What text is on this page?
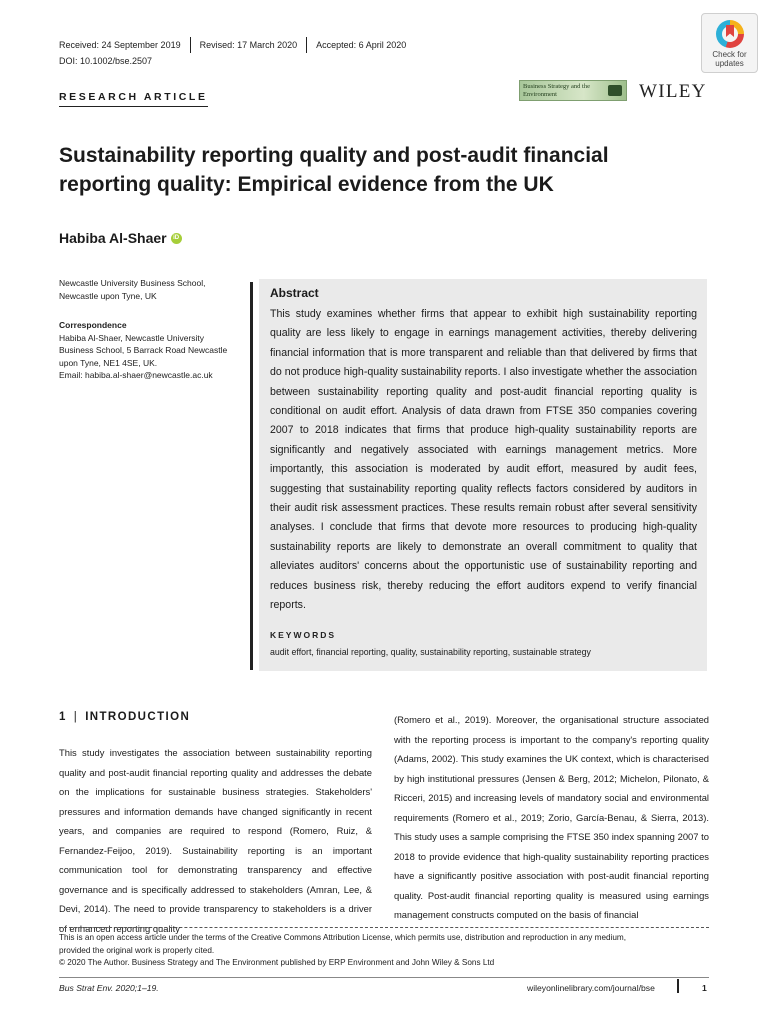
Received: 24 September 2019	Revised: 17 March 2020	Accepted: 6 April 2020
DOI: 10.1002/bse.2507
RESEARCH ARTICLE
Check for updates
Business Strategy and the Environment	WILEY
Sustainability reporting quality and post-audit financial reporting quality: Empirical evidence from the UK
Habiba Al-Shaer	iD
Newcastle University Business School,
Newcastle upon Tyne, UK
Correspondence
Habiba Al-Shaer, Newcastle University
Business School, 5 Barrack Road Newcastle
upon Tyne, NE1 4SE, UK.
Email: habiba.al-shaer@newcastle.ac.uk
Abstract
This study examines whether firms that appear to exhibit high sustainability reporting quality are less likely to engage in earnings management activities, thereby delivering financial information that is more transparent and reliable than that delivered by firms that do not produce high-quality sustainability reports. I also investigate whether the association between sustainability reporting quality and post-audit financial reporting quality is conditional on audit effort. Analysis of data drawn from FTSE 350 companies covering 2007 to 2018 indicates that firms that produce high-quality sustainability reports are significantly and negatively associated with earnings management metrics. More importantly, this association is moderated by audit effort, measured by audit fees, suggesting that sustainability reporting quality reflects factors considered by auditors in their audit risk assessment practices. These results remain robust after several sensitivity analyses. I conclude that firms that devote more resources to producing high-quality sustainability reports are likely to demonstrate an overall commitment to quality that alleviates auditors' concerns about the opportunistic use of sustainability reporting and reduces business risk, thereby reducing the effort auditors expend to verify financial reports.
KEYWORDS
audit effort, financial reporting, quality, sustainability reporting, sustainable strategy
1 | INTRODUCTION

This study investigates the association between sustainability reporting quality and post-audit financial reporting quality and addresses the debate on the implications for sustainable business strategies. Stakeholders' pressures and information demands have changed significantly in recent years, and companies are required to respond (Romero, Ruiz, & Fernandez-Feijoo, 2019). Sustainability reporting is an important communication tool for demonstrating transparency and effective governance and is specifically addressed to stakeholders (Amran, Lee, & Devi, 2014). The need to provide transparency to stakeholders is a driver of enhanced reporting quality

(Romero et al., 2019). Moreover, the organisational structure associated with the reporting process is important to the company's reporting quality (Adams, 2002). This study examines the UK context, which is characterised by high institutional pressures (Jensen & Berg, 2012; Michelon, Pilonato, & Ricceri, 2015) and increasing levels of mandatory social and environmental requirements (Romero et al., 2019; Zorio, García-Benau, & Sierra, 2013). This study uses a sample comprising the FTSE 350 index spanning 2007 to 2018 to provide evidence that high-quality sustainability reporting practices have a significantly positive association with post-audit financial reporting quality. Post-audit financial reporting quality is measured using earnings management constructs computed on the basis of financial

This is an open access article under the terms of the Creative Commons Attribution License, which permits use, distribution and reproduction in any medium,
provided the original work is properly cited.
© 2020 The Author. Business Strategy and The Environment published by ERP Environment and John Wiley & Sons Ltd
Bus Strat Env. 2020;1–19.	wileyonlinelibrary.com/journal/bse	1
